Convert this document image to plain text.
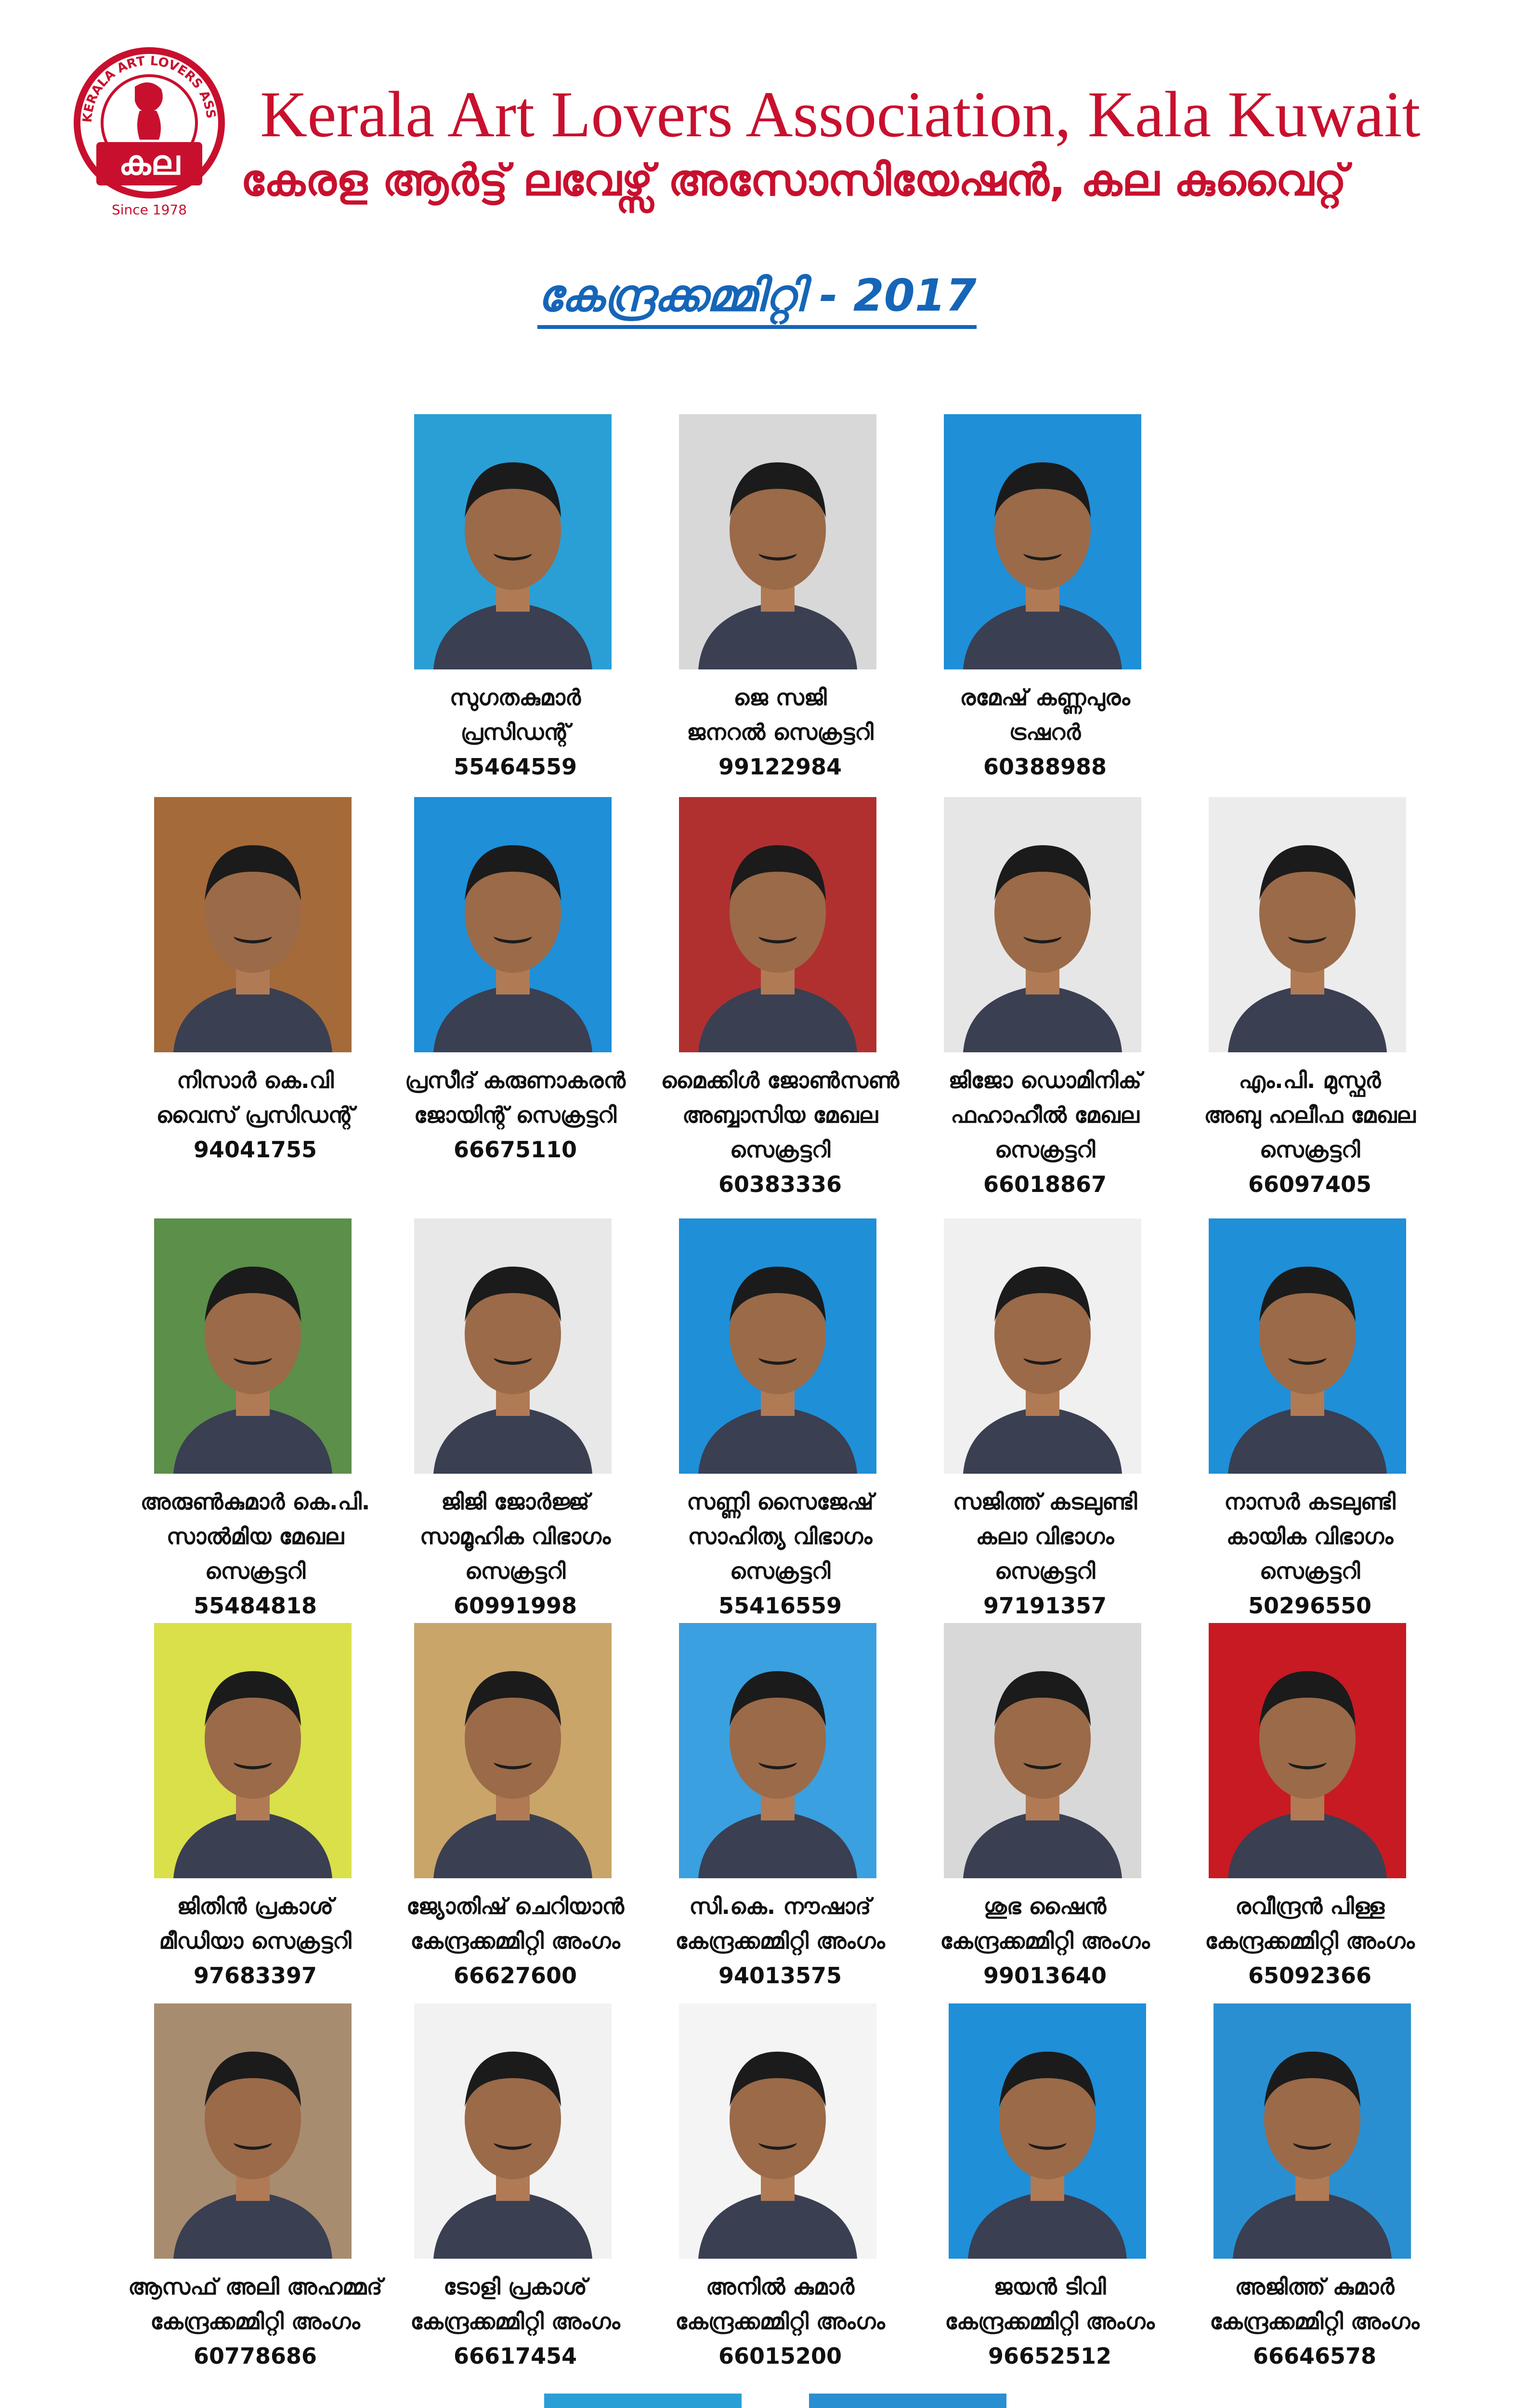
KERALA ART LOVERS ASS
കല
Since 1978
Kerala Art Lovers Association, Kala Kuwait
കേരള ആർട്ട് ലവേഴ്സ് അസോസിയേഷൻ, കല കുവൈറ്റ്
കേന്ദ്രക്കമ്മിറ്റി - 2017
സുഗതകുമാർ
പ്രസിഡന്റ്
55464559
ജെ സജി
ജനറൽ സെക്രട്ടറി
99122984
രമേഷ് കണ്ണപുരം
ട്രഷറർ
60388988
നിസാർ കെ.വി
വൈസ് പ്രസിഡന്റ്
94041755
പ്രസീദ് കരുണാകരൻ
ജോയിന്റ് സെക്രട്ടറി
66675110
മൈക്കിൾ ജോൺസൺ
അബ്ബാസിയ മേഖല
സെക്രട്ടറി
60383336
ജിജോ ഡൊമിനിക്
ഫഹാഹീൽ മേഖല
സെക്രട്ടറി
66018867
എം.പി. മുസ്ഫർ
അബു ഹലീഫ മേഖല
സെക്രട്ടറി
66097405
അരുൺകുമാർ കെ.പി.
സാൽമിയ മേഖല
സെക്രട്ടറി
55484818
ജിജി ജോർജ്ജ്
സാമൂഹിക വിഭാഗം
സെക്രട്ടറി
60991998
സണ്ണി സൈജേഷ്
സാഹിത്യ വിഭാഗം
സെക്രട്ടറി
55416559
സജിത്ത് കടലുണ്ടി
കലാ വിഭാഗം
സെക്രട്ടറി
97191357
നാസർ കടലുണ്ടി
കായിക വിഭാഗം
സെക്രട്ടറി
50296550
ജിതിൻ പ്രകാശ്
മീഡിയാ സെക്രട്ടറി
97683397
ജ്യോതിഷ് ചെറിയാൻ
കേന്ദ്രക്കമ്മിറ്റി അംഗം
66627600
സി.കെ. നൗഷാദ്
കേന്ദ്രക്കമ്മിറ്റി അംഗം
94013575
ശുഭ ഷൈൻ
കേന്ദ്രക്കമ്മിറ്റി അംഗം
99013640
രവീന്ദ്രൻ പിള്ള
കേന്ദ്രക്കമ്മിറ്റി അംഗം
65092366
ആസഫ് അലി അഹമ്മദ്
കേന്ദ്രക്കമ്മിറ്റി അംഗം
60778686
ടോളി പ്രകാശ്
കേന്ദ്രക്കമ്മിറ്റി അംഗം
66617454
അനിൽ കുമാർ
കേന്ദ്രക്കമ്മിറ്റി അംഗം
66015200
ജയൻ ടിവി
കേന്ദ്രക്കമ്മിറ്റി അംഗം
96652512
അജിത്ത് കുമാർ
കേന്ദ്രക്കമ്മിറ്റി അംഗം
66646578
